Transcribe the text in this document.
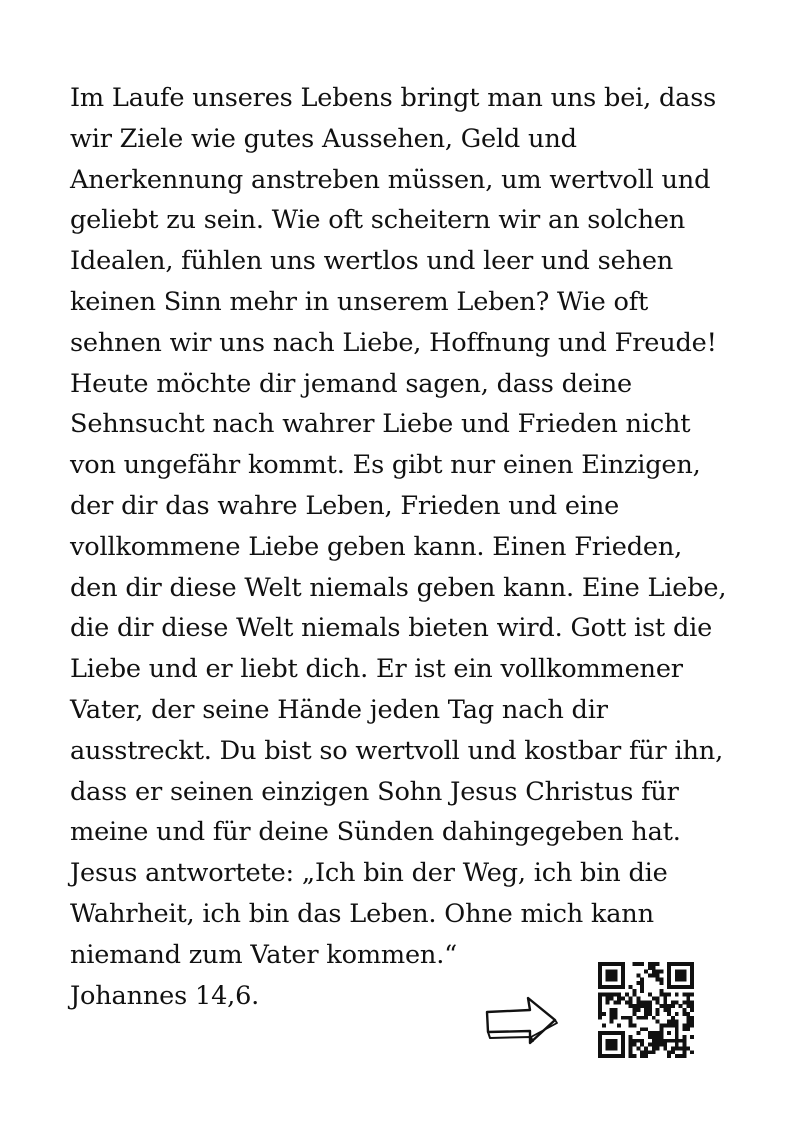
Im Laufe unseres Lebens bringt man uns bei, dass
wir Ziele wie gutes Aussehen, Geld und
Anerkennung anstreben müssen, um wertvoll und
geliebt zu sein. Wie oft scheitern wir an solchen
Idealen, fühlen uns wertlos und leer und sehen
keinen Sinn mehr in unserem Leben? Wie oft
sehnen wir uns nach Liebe, Hoffnung und Freude!
Heute möchte dir jemand sagen, dass deine
Sehnsucht nach wahrer Liebe und Frieden nicht
von ungefähr kommt. Es gibt nur einen Einzigen,
der dir das wahre Leben, Frieden und eine
vollkommene Liebe geben kann. Einen Frieden,
den dir diese Welt niemals geben kann. Eine Liebe,
die dir diese Welt niemals bieten wird. Gott ist die
Liebe und er liebt dich. Er ist ein vollkommener
Vater, der seine Hände jeden Tag nach dir
ausstreckt. Du bist so wertvoll und kostbar für ihn,
dass er seinen einzigen Sohn Jesus Christus für
meine und für deine Sünden dahingegeben hat.
Jesus antwortete: „Ich bin der Weg, ich bin die
Wahrheit, ich bin das Leben. Ohne mich kann
niemand zum Vater kommen.“
Johannes 14,6.
